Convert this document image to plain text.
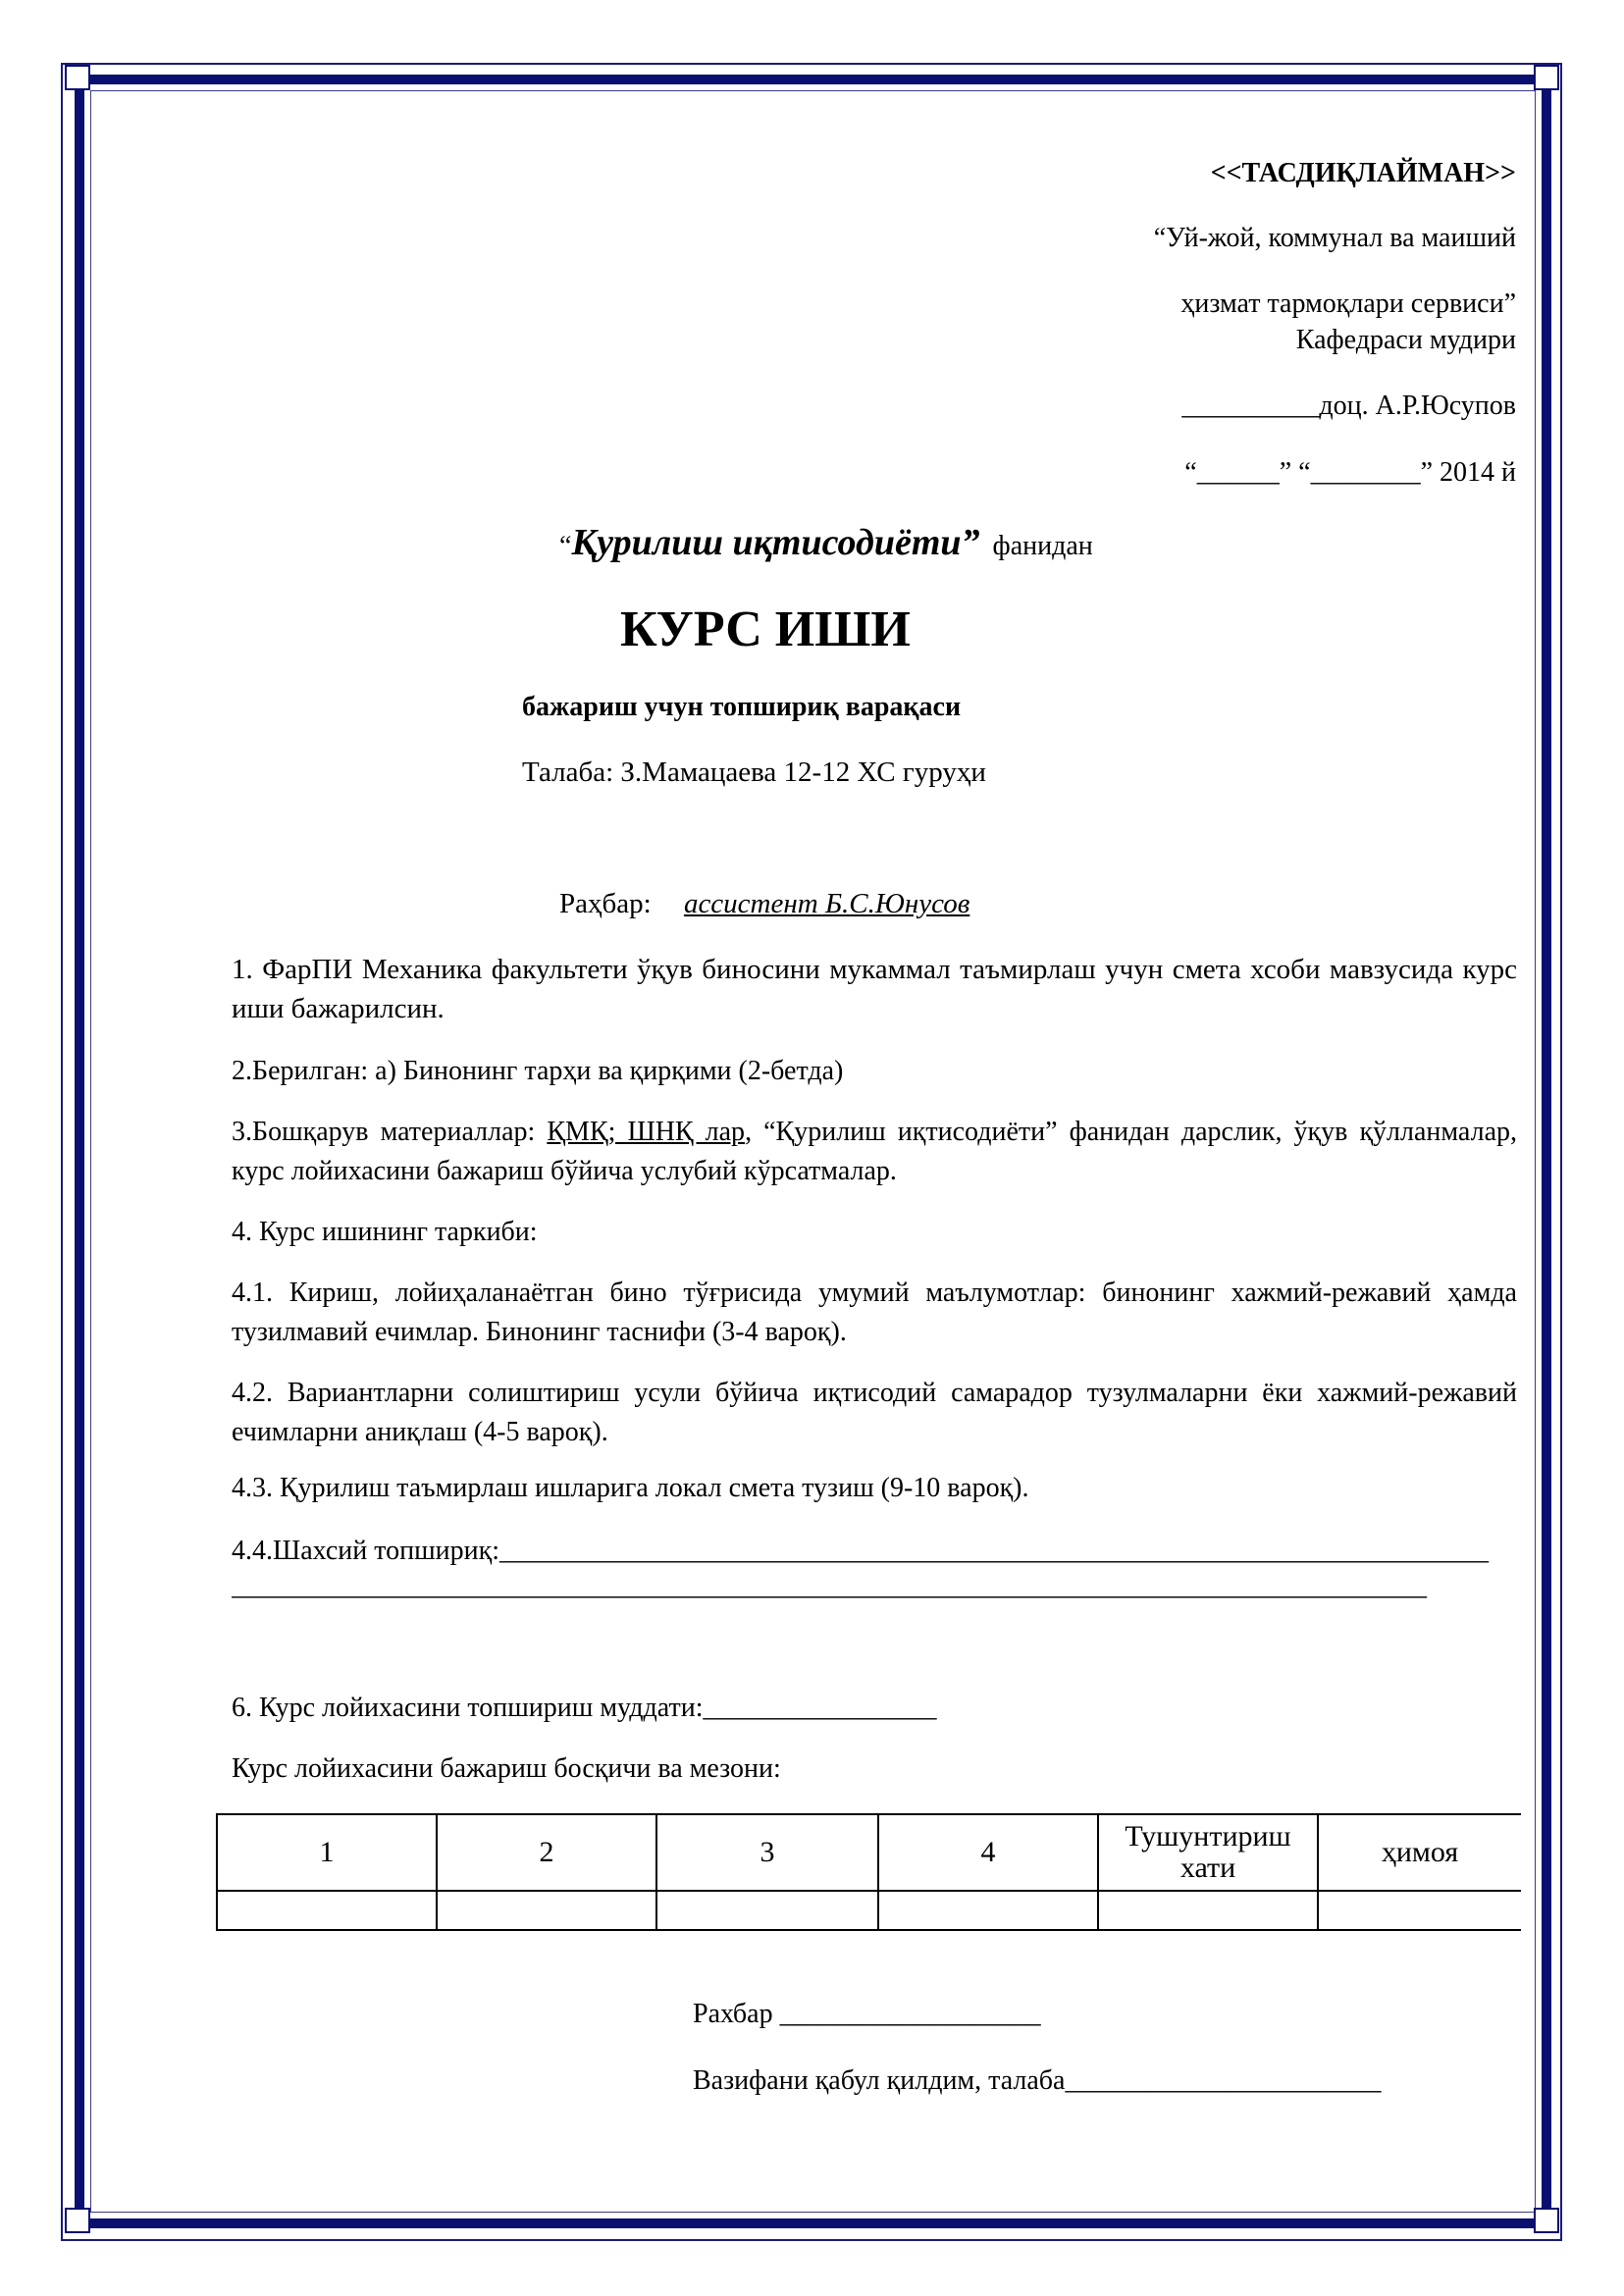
<<ТАСДИҚЛАЙМАН>>
“Уй-жой, коммунал ва маиший
ҳизмат тармоқлари сервиси”
Кафедраси мудири
__________доц. А.Р.Юсупов
“______” “________” 2014 й
“Қурилиш иқтисодиёти” фанидан
КУРС ИШИ
бажариш учун топшириқ варақаси
Талаба: З.Мамацаева 12-12 ХС гуруҳи
Раҳбар: ассистент Б.С.Юнусов
1. ФарПИ Механика факультети ўқув биносини мукаммал таъмирлаш учун смета хсоби мавзусида курс иши бажарилсин.
2.Берилган: а) Бинонинг тарҳи ва қирқими (2-бетда)
3.Бошқарув материаллар: ҚМҚ; ШНҚ лар, “Қурилиш иқтисодиёти” фанидан дарслик, ўқув қўлланмалар, курс лойихасини бажариш бўйича услубий кўрсатмалар.
4. Курс ишининг таркиби:
4.1. Кириш, лойиҳаланаётган бино тўғрисида умумий маълумотлар: бинонинг хажмий-режавий ҳамда тузилмавий ечимлар. Бинонинг таснифи (3-4 варoқ).
4.2. Вариантларни солиштириш усули бўйича иқтисодий самарадор тузулмаларни ёки хажмий-режавий ечимларни аниқлаш (4-5 варoқ).
4.3. Қурилиш таъмирлаш ишларига локал смета тузиш (9-10 варoқ).
4.4.Шахсий топшириқ:________________________________________________________________________
_______________________________________________________________________________________
6. Курс лойихасини топшириш муддати:_________________
Курс лойихасини бажариш босқичи ва мезони:
1	2	3	4	Тушунтириш хати	ҳимоя

Рахбар ___________________
Вазифани қабул қилдим, талаба_______________________
